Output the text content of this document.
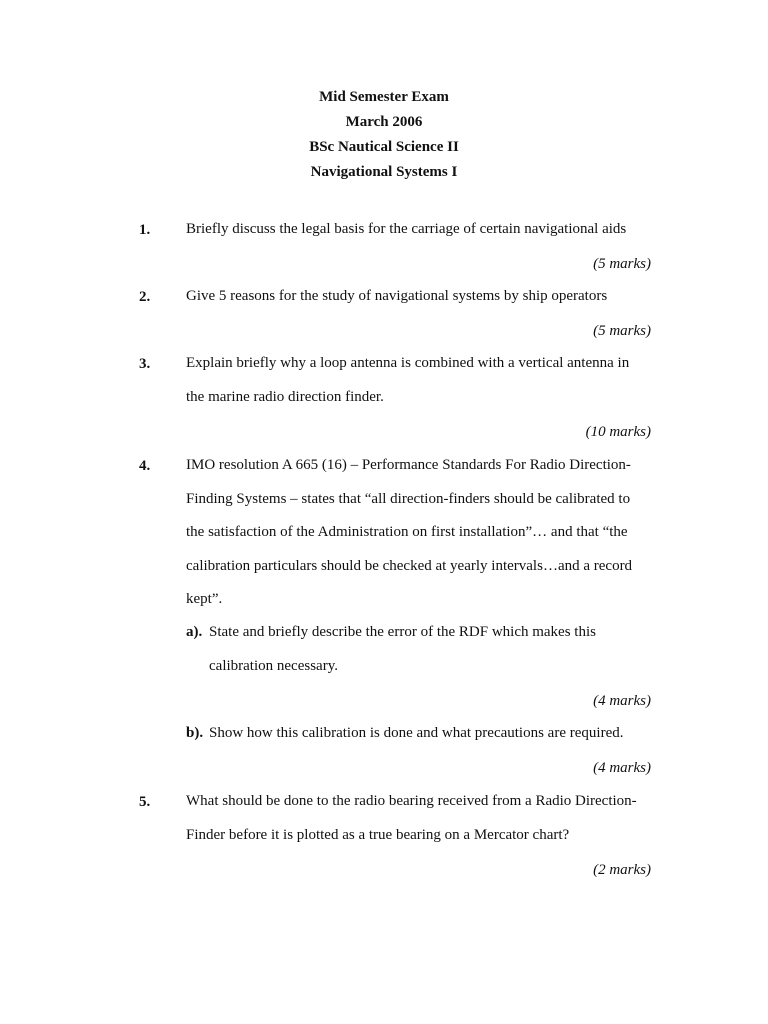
Mid Semester Exam
March 2006
BSc Nautical Science II
Navigational Systems I
1. Briefly discuss the legal basis for the carriage of certain navigational aids
(5 marks)
2. Give 5 reasons for the study of navigational systems by ship operators
(5 marks)
3. Explain briefly why a loop antenna is combined with a vertical antenna in
the marine radio direction finder.
(10 marks)
4. IMO resolution A 665 (16) – Performance Standards For Radio Direction-
Finding Systems – states that “all direction-finders should be calibrated to
the satisfaction of the Administration on first installation”… and that “the
calibration particulars should be checked at yearly intervals…and a record
kept”.
a). State and briefly describe the error of the RDF which makes this
calibration necessary.
(4 marks)
b). Show how this calibration is done and what precautions are required.
(4 marks)
5. What should be done to the radio bearing received from a Radio Direction-
Finder before it is plotted as a true bearing on a Mercator chart?
(2 marks)
